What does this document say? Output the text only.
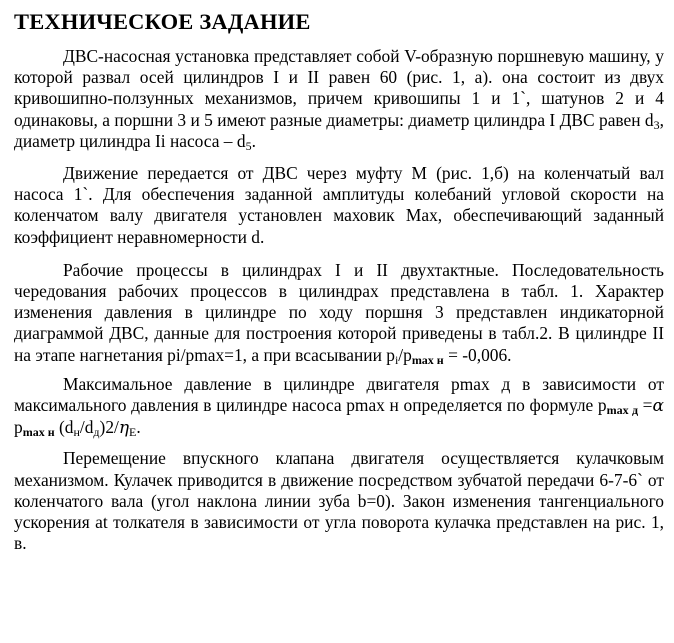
ТЕХНИЧЕСКОЕ ЗАДАНИЕ

ДВС-насосная установка представляет собой V-образную поршневую машину, у которой развал осей цилиндров I и II равен 60 (рис. 1, а). она состоит из двух кривошипно-ползунных механизмов, причем кривошипы 1 и 1`, шатунов 2 и 4 одинаковы, а поршни 3 и 5 имеют разные диаметры: диаметр цилиндра I ДВС равен $d_3$, диаметр цилиндра Ii насоса – $d_5$.

Движение передается от ДВС через муфту М (рис. 1,б) на коленчатый вал насоса 1`. Для обеспечения заданной амплитуды колебаний угловой скорости на коленчатом валу двигателя установлен маховик Мах, обеспечивающий заданный коэффициент неравномерности d.

Рабочие процессы в цилиндрах I и II двухтактные. Последовательность чередования рабочих процессов в цилиндрах представлена в табл. 1. Характер изменения давления в цилиндре по ходу поршня 3 представлен индикаторной диаграммой ДВС, данные для построения которой приведены в табл.2. В цилиндре II на этапе нагнетания pi/pmax=1, а при всасывании $p_i/p_{max н} = -0,006$.

Максимальное давление в цилиндре двигателя pmax д в зависимости от максимального давления в цилиндре насоса pmax н определяется по формуле $p_{max д} =\alpha$ $p_{max н}$ $(d_н/d_д)2/\eta_E$.

Перемещение впускного клапана двигателя осуществляется кулачковым механизмом. Кулачек приводится в движение посредством зубчатой передачи 6-7-6` от коленчатого вала (угол наклона линии зуба b=0). Закон изменения тангенциального ускорения at толкателя в зависимости от угла поворота кулачка представлен на рис. 1, в.
